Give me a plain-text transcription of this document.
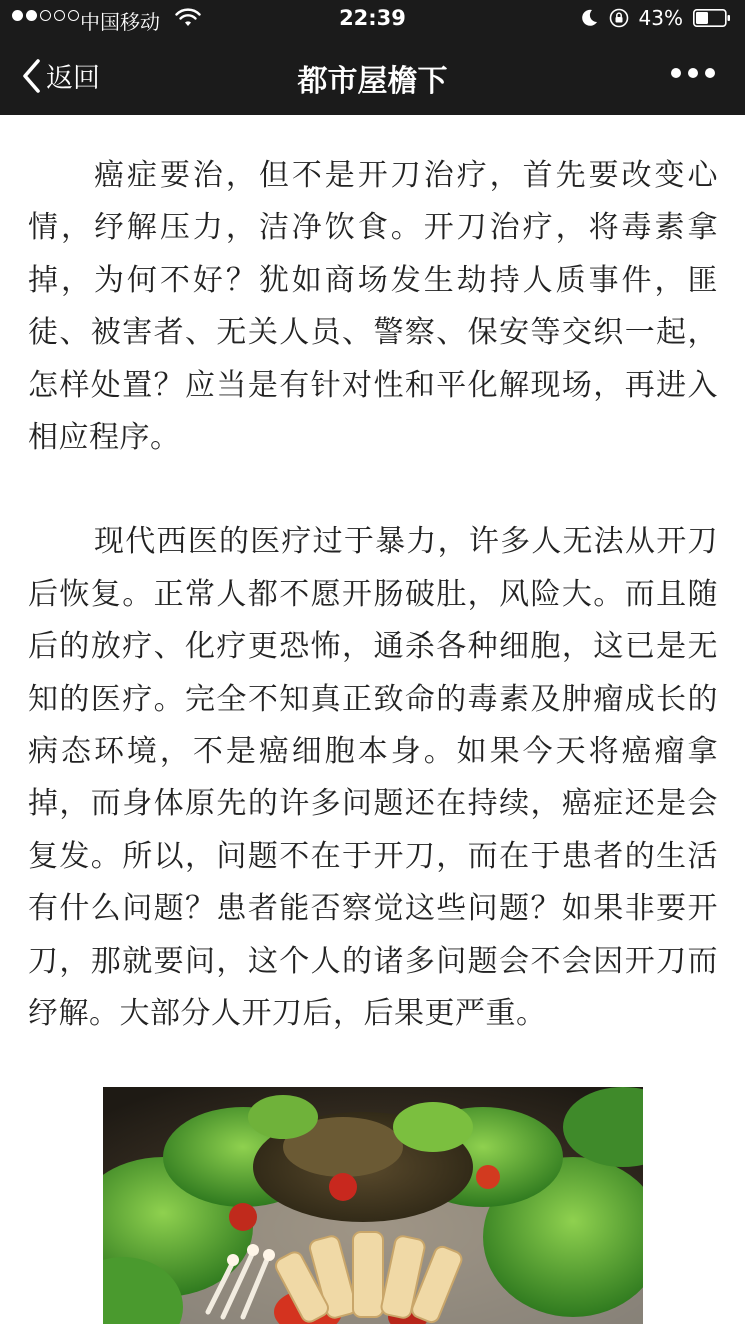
中国移动	22:39	43%
返回	都市屋檐下

癌症要治，但不是开刀治疗，首先要改变心情，纾解压力，洁净饮食。开刀治疗，将毒素拿掉，为何不好？犹如商场发生劫持人质事件，匪徒、被害者、无关人员、警察、保安等交织一起，怎样处置？应当是有针对性和平化解现场，再进入相应程序。

现代西医的医疗过于暴力，许多人无法从开刀后恢复。正常人都不愿开肠破肚，风险大。而且随后的放疗、化疗更恐怖，通杀各种细胞，这已是无知的医疗。完全不知真正致命的毒素及肿瘤成长的病态环境，不是癌细胞本身。如果今天将癌瘤拿掉，而身体原先的许多问题还在持续，癌症还是会复发。所以，问题不在于开刀，而在于患者的生活有什么问题？患者能否察觉这些问题？如果非要开刀，那就要问，这个人的诸多问题会不会因开刀而纾解。大部分人开刀后，后果更严重。
